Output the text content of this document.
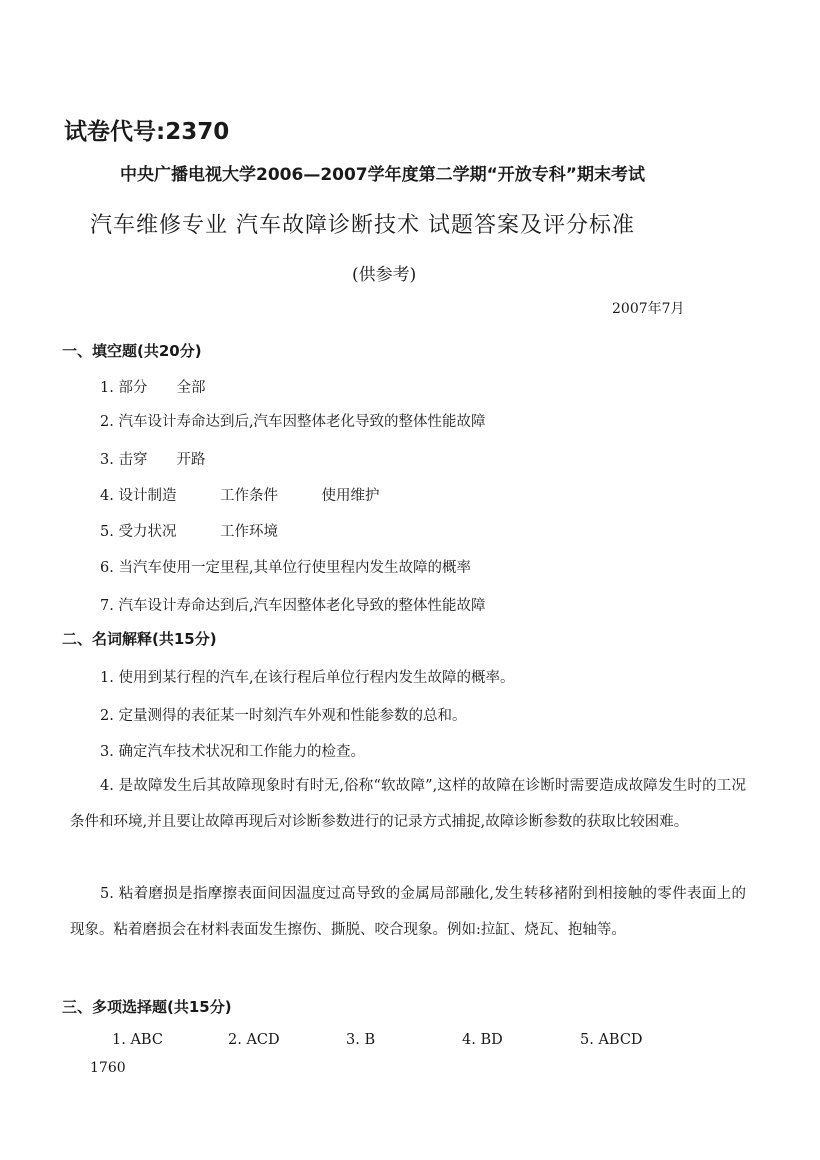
试卷代号:2370
中央广播电视大学2006—2007学年度第二学期“开放专科”期末考试
汽车维修专业 汽车故障诊断技术 试题答案及评分标准
(供参考)
2007年7月
一、填空题(共20分)
1. 部分　　全部
2. 汽车设计寿命达到后,汽车因整体老化导致的整体性能故障
3. 击穿　　开路
4. 设计制造　　　工作条件　　　使用维护
5. 受力状况　　　工作环境
6. 当汽车使用一定里程,其单位行使里程内发生故障的概率
7. 汽车设计寿命达到后,汽车因整体老化导致的整体性能故障
二、名词解释(共15分)
1. 使用到某行程的汽车,在该行程后单位行程内发生故障的概率。
2. 定量测得的表征某一时刻汽车外观和性能参数的总和。
3. 确定汽车技术状况和工作能力的检查。
4. 是故障发生后其故障现象时有时无,俗称“软故障”,这样的故障在诊断时需要造成故障发生时的工况条件和环境,并且要让故障再现后对诊断参数进行的记录方式捕捉,故障诊断参数的获取比较困难。
5. 粘着磨损是指摩擦表面间因温度过高导致的金属局部融化,发生转移褚附到相接触的零件表面上的现象。粘着磨损会在材料表面发生擦伤、撕脱、咬合现象。例如:拉缸、烧瓦、抱轴等。
三、多项选择题(共15分)
1. ABC	2. ACD	3. B	4. BD	5. ABCD
1760
